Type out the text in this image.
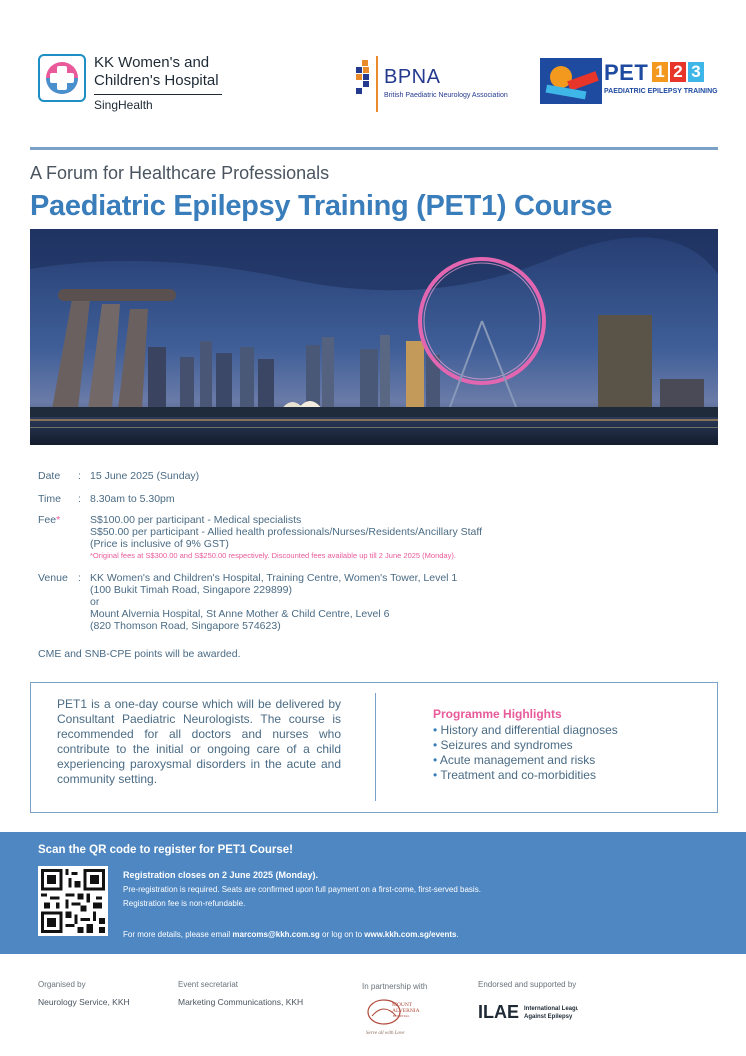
KK Women's and
Children's Hospital
SingHealth
BPNA
British Paediatric Neurology Association
PET 1 2 3
PAEDIATRIC EPILEPSY TRAINING
A Forum for Healthcare Professionals
Paediatric Epilepsy Training (PET1) Course
Date : 15 June 2025 (Sunday)
Time : 8.30am to 5.30pm
Fee*	S$100.00 per participant - Medical specialists
S$50.00 per participant - Allied health professionals/Nurses/Residents/Ancillary Staff
(Price is inclusive of 9% GST)
*Original fees at S$300.00 and S$250.00 respectively. Discounted fees available up till 2 June 2025 (Monday).
Venue : KK Women's and Children's Hospital, Training Centre, Women's Tower, Level 1
(100 Bukit Timah Road, Singapore 229899)
or
Mount Alvernia Hospital, St Anne Mother & Child Centre, Level 6
(820 Thomson Road, Singapore 574623)
CME and SNB-CPE points will be awarded.
PET1 is a one-day course which will be delivered by Consultant Paediatric Neurologists. The course is recommended for all doctors and nurses who contribute to the initial or ongoing care of a child experiencing paroxysmal disorders in the acute and community setting.
Programme Highlights
• History and differential diagnoses
• Seizures and syndromes
• Acute management and risks
• Treatment and co-morbidities
Scan the QR code to register for PET1 Course!
Registration closes on 2 June 2025 (Monday).
Pre-registration is required. Seats are confirmed upon full payment on a first-come, first-served basis.
Registration fee is non-refundable.
For more details, please email marcoms@kkh.com.sg or log on to www.kkh.com.sg/events.
Organised by
Neurology Service, KKH
Event secretariat
Marketing Communications, KKH
In partnership with
MOUNT
ALVERNIA
HOSPITAL
Serve all with Love
Endorsed and supported by
ILAE International League
Against Epilepsy
